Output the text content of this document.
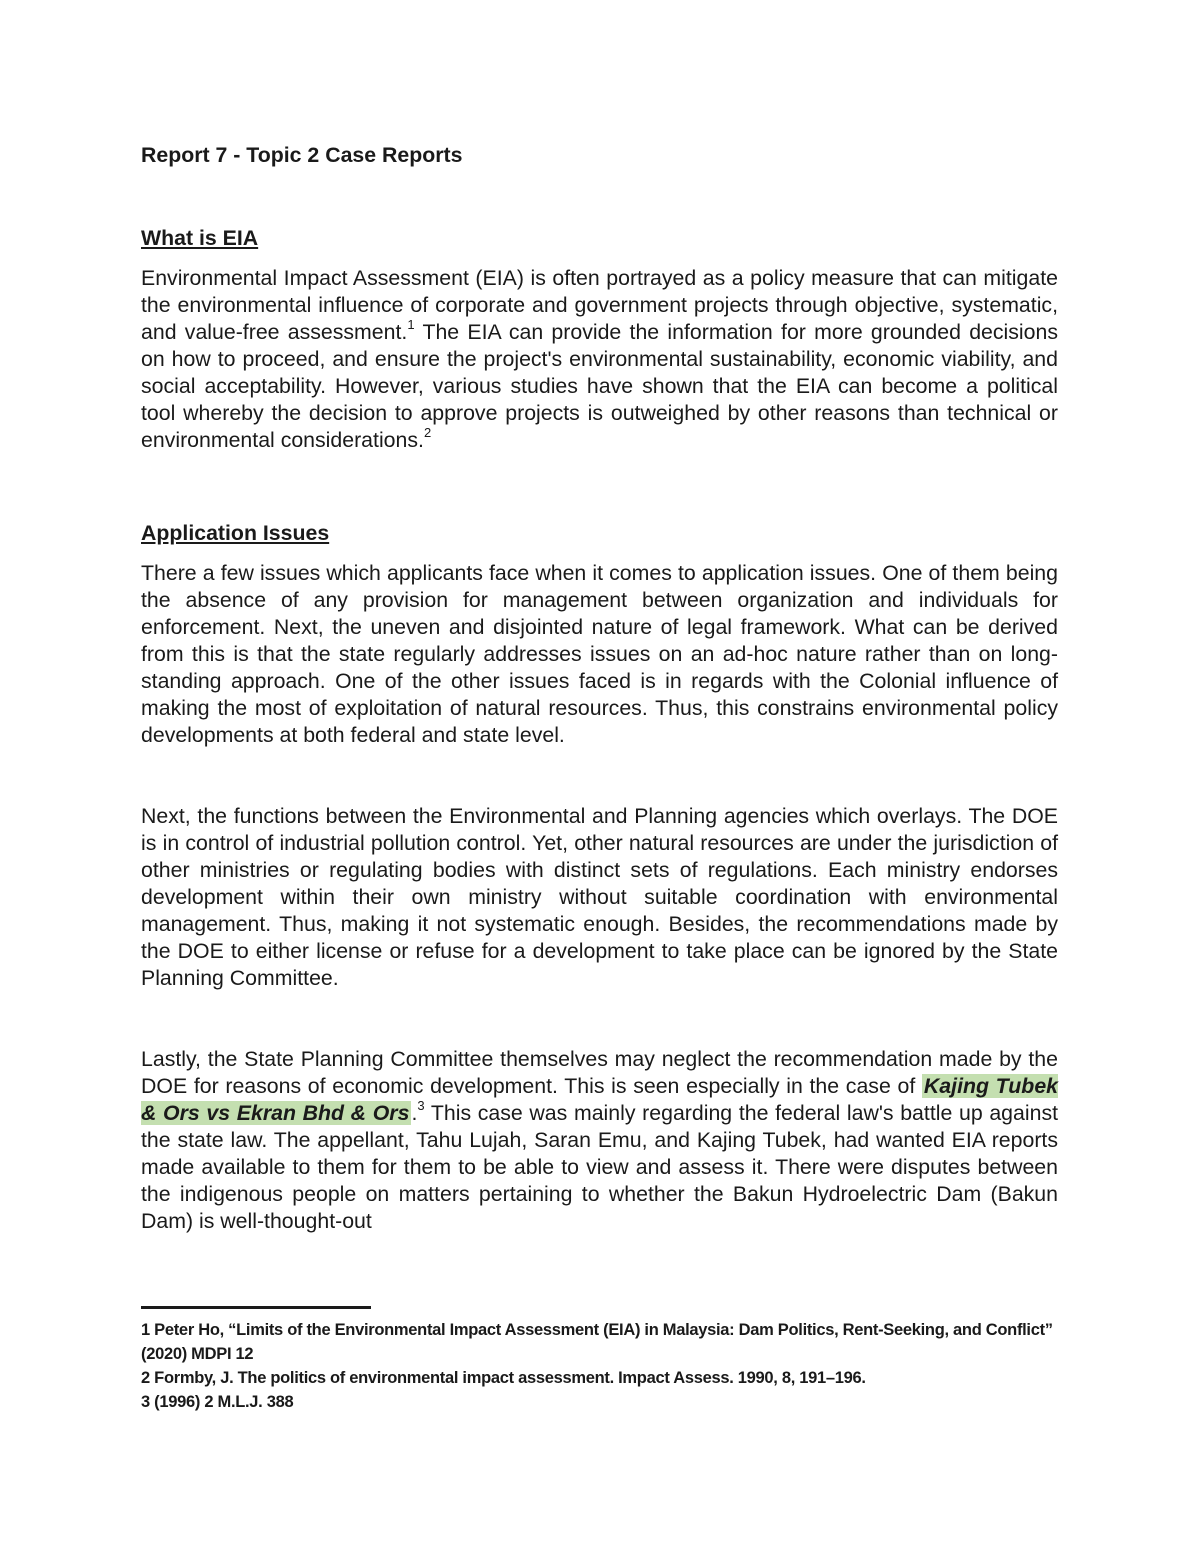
Report 7 - Topic 2 Case Reports
What is EIA

Environmental Impact Assessment (EIA) is often portrayed as a policy measure that can mitigate the environmental influence of corporate and government projects through objective, systematic, and value-free assessment.$^1$ The EIA can provide the information for more grounded decisions on how to proceed, and ensure the project's environmental sustainability, economic viability, and social acceptability. However, various studies have shown that the EIA can become a political tool whereby the decision to approve projects is outweighed by other reasons than technical or environmental considerations.$^2$

Application Issues

There a few issues which applicants face when it comes to application issues. One of them being the absence of any provision for management between organization and individuals for enforcement. Next, the uneven and disjointed nature of legal framework. What can be derived from this is that the state regularly addresses issues on an ad-hoc nature rather than on long-standing approach. One of the other issues faced is in regards with the Colonial influence of making the most of exploitation of natural resources. Thus, this constrains environmental policy developments at both federal and state level.

Next, the functions between the Environmental and Planning agencies which overlays. The DOE is in control of industrial pollution control. Yet, other natural resources are under the jurisdiction of other ministries or regulating bodies with distinct sets of regulations. Each ministry endorses development within their own ministry without suitable coordination with environmental management. Thus, making it not systematic enough. Besides, the recommendations made by the DOE to either license or refuse for a development to take place can be ignored by the State Planning Committee.

Lastly, the State Planning Committee themselves may neglect the recommendation made by the DOE for reasons of economic development. This is seen especially in the case of Kajing Tubek & Ors vs Ekran Bhd & Ors.$^3$ This case was mainly regarding the federal law's battle up against the state law. The appellant, Tahu Lujah, Saran Emu, and Kajing Tubek, had wanted EIA reports made available to them for them to be able to view and assess it. There were disputes between the indigenous people on matters pertaining to whether the Bakun Hydroelectric Dam (Bakun Dam) is well-thought-out

1 Peter Ho, “Limits of the Environmental Impact Assessment (EIA) in Malaysia: Dam Politics, Rent-Seeking, and Conflict” (2020) MDPI 12
2 Formby, J. The politics of environmental impact assessment. Impact Assess. 1990, 8, 191–196.
3 (1996) 2 M.L.J. 388
